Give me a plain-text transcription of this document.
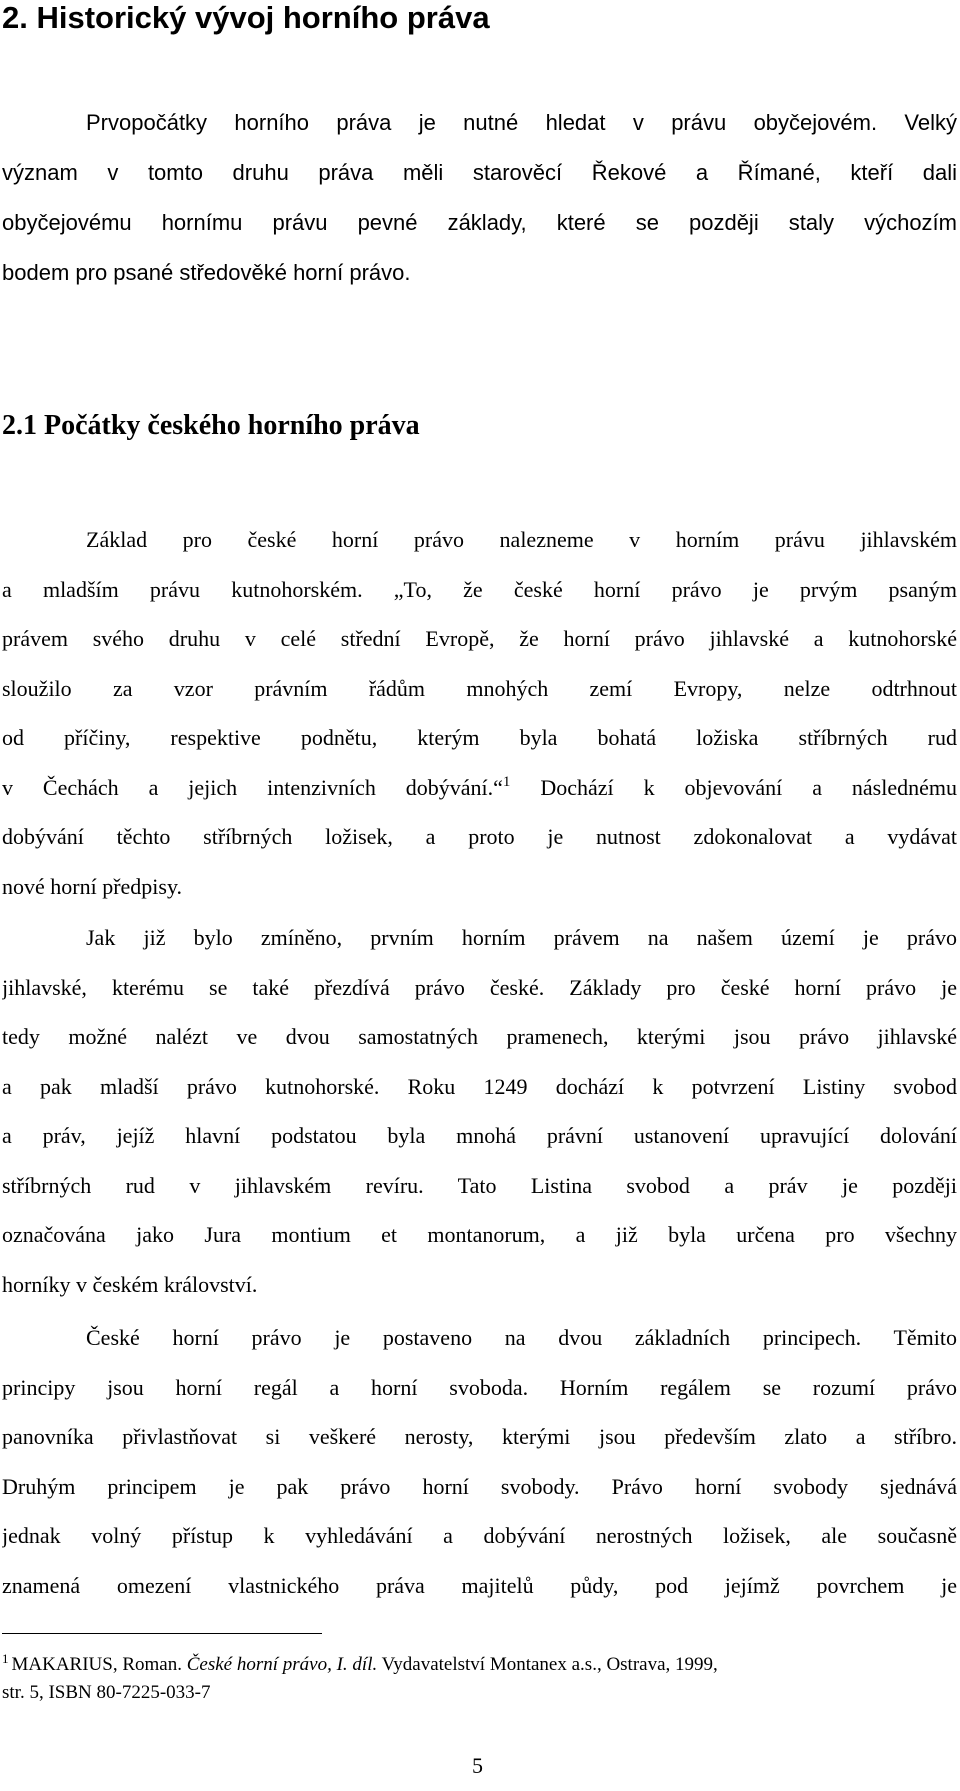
2. Historický vývoj horního práva
Prvopočátky horního práva je nutné hledat v právu obyčejovém. Velký
význam v tomto druhu práva měli starověcí Řekové a Římané, kteří dali
obyčejovému hornímu právu pevné základy, které se později staly výchozím
bodem pro psané středověké horní právo.
2.1 Počátky českého horního práva
Základ pro české horní právo nalezneme v horním právu jihlavském
a mladším právu kutnohorském. „To, že české horní právo je prvým psaným
právem svého druhu v celé střední Evropě, že horní právo jihlavské a kutnohorské
sloužilo za vzor právním řádům mnohých zemí Evropy, nelze odtrhnout
od příčiny, respektive podnětu, kterým byla bohatá ložiska stříbrných rud
v Čechách a jejich intenzivních dobývání.“$^1$ Dochází k objevování a následnému
dobývání těchto stříbrných ložisek, a proto je nutnost zdokonalovat a vydávat
nové horní předpisy.
Jak již bylo zmíněno, prvním horním právem na našem území je právo
jihlavské, kterému se také přezdívá právo české. Základy pro české horní právo je
tedy možné nalézt ve dvou samostatných pramenech, kterými jsou právo jihlavské
a pak mladší právo kutnohorské. Roku 1249 dochází k potvrzení Listiny svobod
a práv, jejíž hlavní podstatou byla mnohá právní ustanovení upravující dolování
stříbrných rud v jihlavském revíru. Tato Listina svobod a práv je později
označována jako Jura montium et montanorum, a již byla určena pro všechny
horníky v českém království.
České horní právo je postaveno na dvou základních principech. Těmito
principy jsou horní regál a horní svoboda. Horním regálem se rozumí právo
panovníka přivlastňovat si veškeré nerosty, kterými jsou především zlato a stříbro.
Druhým principem je pak právo horní svobody. Právo horní svobody sjednává
jednak volný přístup k vyhledávání a dobývání nerostných ložisek, ale současně
znamená omezení vlastnického práva majitelů půdy, pod jejímž povrchem je
$^1$ MAKARIUS, Roman. České horní právo, I. díl. Vydavatelství Montanex a.s., Ostrava, 1999,
str. 5, ISBN 80-7225-033-7
5
